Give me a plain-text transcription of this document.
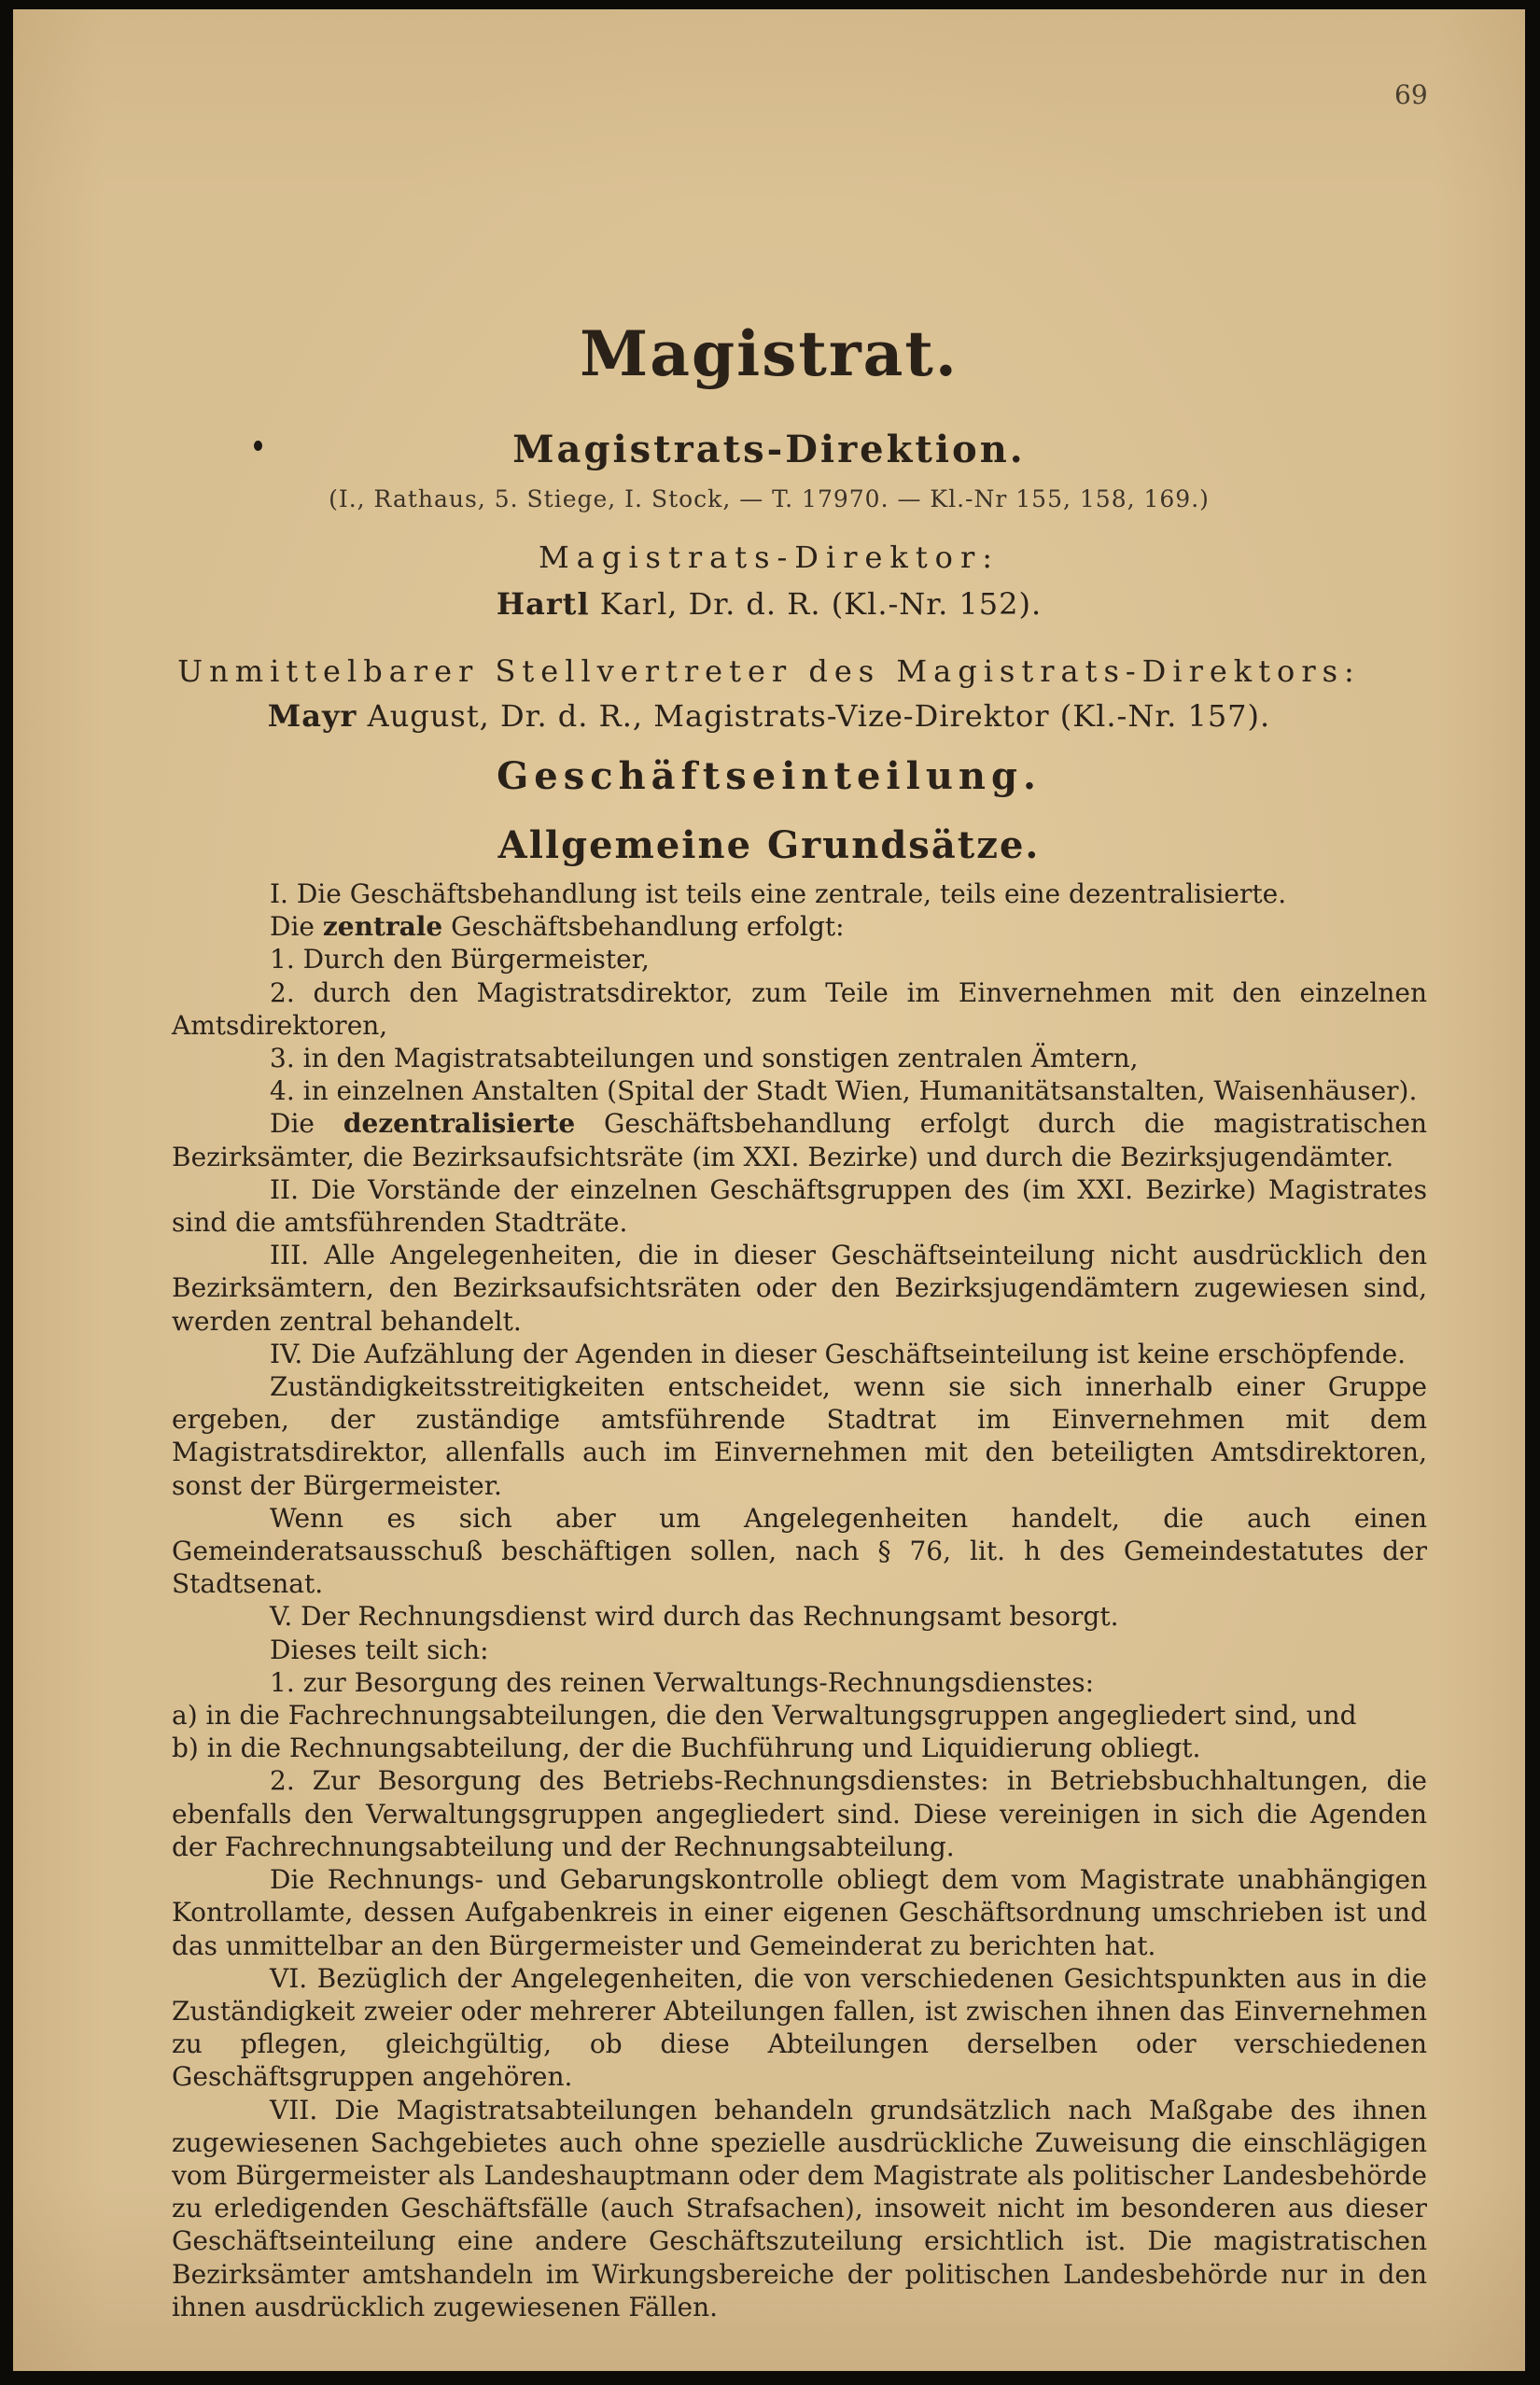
69
Magistrat.
Magistrats-Direktion.
(I., Rathaus, 5. Stiege, I. Stock, — T. 17970. — Kl.-Nr 155, 158, 169.)
Magistrats-Direktor:
Hartl Karl, Dr. d. R. (Kl.-Nr. 152).
Unmittelbarer Stellvertreter des Magistrats-Direktors:
Mayr August, Dr. d. R., Magistrats-Vize-Direktor (Kl.-Nr. 157).
Geschäftseinteilung.
Allgemeine Grundsätze.

I. Die Geschäftsbehandlung ist teils eine zentrale, teils eine dezentralisierte.

Die zentrale Geschäftsbehandlung erfolgt:

1. Durch den Bürgermeister,

2. durch den Magistratsdirektor, zum Teile im Einvernehmen mit den einzelnen Amtsdirektoren,

3. in den Magistratsabteilungen und sonstigen zentralen Ämtern,

4. in einzelnen Anstalten (Spital der Stadt Wien, Humanitätsanstalten, Waisenhäuser).

Die dezentralisierte Geschäftsbehandlung erfolgt durch die magistratischen Bezirksämter, die Bezirksaufsichtsräte (im XXI. Bezirke) und durch die Bezirksjugendämter.

II. Die Vorstände der einzelnen Geschäftsgruppen des (im XXI. Bezirke) Magistrates sind die amtsführenden Stadträte.

III. Alle Angelegenheiten, die in dieser Geschäftseinteilung nicht ausdrücklich den Bezirksämtern, den Bezirksaufsichtsräten oder den Bezirksjugendämtern zugewiesen sind, werden zentral behandelt.

IV. Die Aufzählung der Agenden in dieser Geschäftseinteilung ist keine erschöpfende.

Zuständigkeitsstreitigkeiten entscheidet, wenn sie sich innerhalb einer Gruppe ergeben, der zuständige amtsführende Stadtrat im Einvernehmen mit dem Magistratsdirektor, allenfalls auch im Einvernehmen mit den beteiligten Amtsdirektoren, sonst der Bürgermeister.

Wenn es sich aber um Angelegenheiten handelt, die auch einen Gemeinderatsausschuß beschäftigen sollen, nach § 76, lit. h des Gemeindestatutes der Stadtsenat.

V. Der Rechnungsdienst wird durch das Rechnungsamt besorgt.

Dieses teilt sich:

1. zur Besorgung des reinen Verwaltungs-Rechnungsdienstes:

a) in die Fachrechnungsabteilungen, die den Verwaltungsgruppen angegliedert sind, und

b) in die Rechnungsabteilung, der die Buchführung und Liquidierung obliegt.

2. Zur Besorgung des Betriebs-Rechnungsdienstes: in Betriebsbuchhaltungen, die ebenfalls den Verwaltungsgruppen angegliedert sind. Diese vereinigen in sich die Agenden der Fachrechnungsabteilung und der Rechnungsabteilung.

Die Rechnungs- und Gebarungskontrolle obliegt dem vom Magistrate unabhängigen Kontrollamte, dessen Aufgabenkreis in einer eigenen Geschäftsordnung umschrieben ist und das unmittelbar an den Bürgermeister und Gemeinderat zu berichten hat.

VI. Bezüglich der Angelegenheiten, die von verschiedenen Gesichtspunkten aus in die Zuständigkeit zweier oder mehrerer Abteilungen fallen, ist zwischen ihnen das Einvernehmen zu pflegen, gleichgültig, ob diese Abteilungen derselben oder verschiedenen Geschäftsgruppen angehören.

VII. Die Magistratsabteilungen behandeln grundsätzlich nach Maßgabe des ihnen zugewiesenen Sachgebietes auch ohne spezielle ausdrückliche Zuweisung die einschlägigen vom Bürgermeister als Landeshauptmann oder dem Magistrate als politischer Landesbehörde zu erledigenden Geschäftsfälle (auch Strafsachen), insoweit nicht im besonderen aus dieser Geschäftseinteilung eine andere Geschäftszuteilung ersichtlich ist. Die magistratischen Bezirksämter amtshandeln im Wirkungsbereiche der politischen Landesbehörde nur in den ihnen ausdrücklich zugewiesenen Fällen.
